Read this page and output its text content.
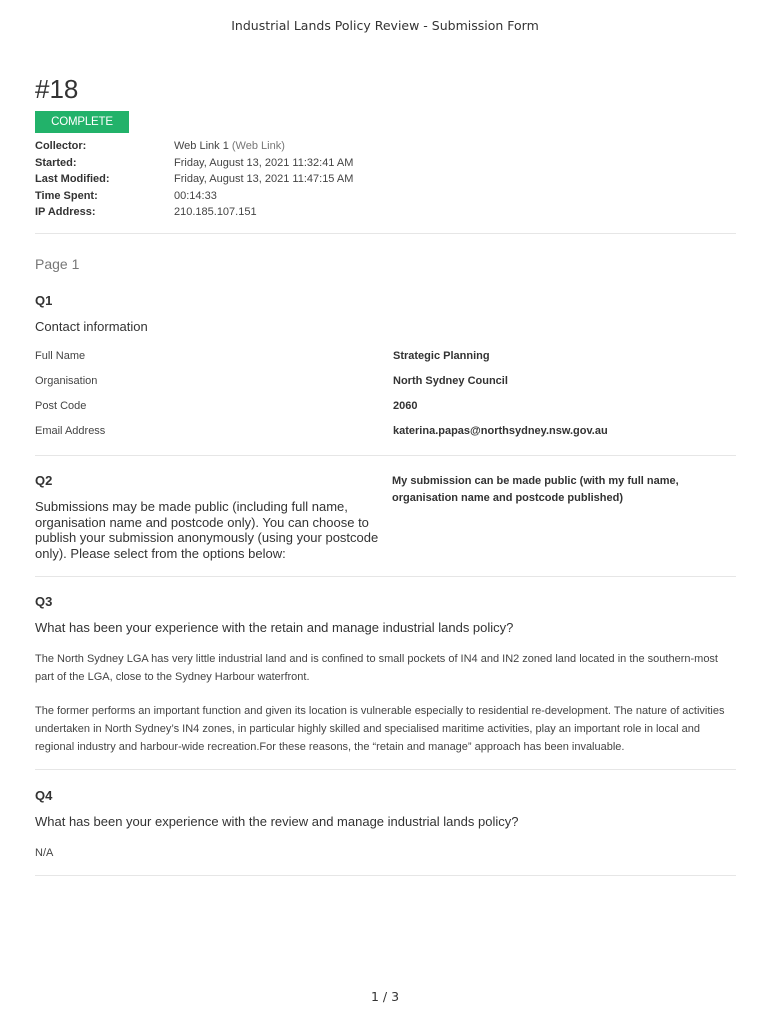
Industrial Lands Policy Review - Submission Form
#18
COMPLETE
Collector:	Web Link 1 (Web Link)
Started:	Friday, August 13, 2021 11:32:41 AM
Last Modified:	Friday, August 13, 2021 11:47:15 AM
Time Spent:	00:14:33
IP Address:	210.185.107.151
Page 1
Q1
Contact information
Full Name	Strategic Planning
Organisation	North Sydney Council
Post Code	2060
Email Address	katerina.papas@northsydney.nsw.gov.au
Q2
Submissions may be made public (including full name, organisation name and postcode only). You can choose to publish your submission anonymously (using your postcode only). Please select from the options below:
My submission can be made public (with my full name, organisation name and postcode published)
Q3
What has been your experience with the retain and manage industrial lands policy?
The North Sydney LGA has very little industrial land and is confined to small pockets of IN4 and IN2 zoned land located in the southern-most part of the LGA, close to the Sydney Harbour waterfront.
The former performs an important function and given its location is vulnerable especially to residential re-development. The nature of activities undertaken in North Sydney’s IN4 zones, in particular highly skilled and specialised maritime activities, play an important role in local and regional industry and harbour-wide recreation.For these reasons, the “retain and manage” approach has been invaluable.
Q4
What has been your experience with the review and manage industrial lands policy?
N/A
1 / 3
